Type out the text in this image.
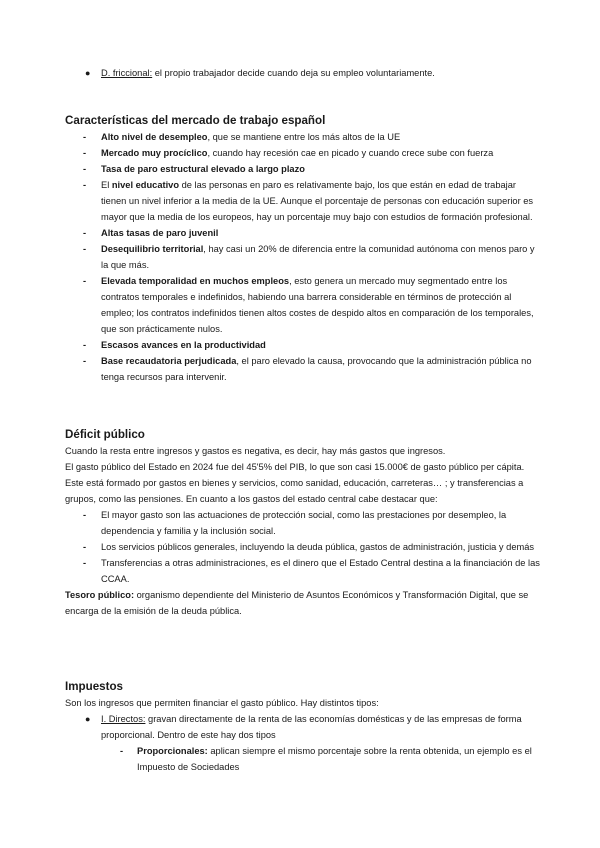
● D. friccional: el propio trabajador decide cuando deja su empleo voluntariamente.
Características del mercado de trabajo español
- Alto nivel de desempleo, que se mantiene entre los más altos de la UE
- Mercado muy procíclico, cuando hay recesión cae en picado y cuando crece sube con fuerza
- Tasa de paro estructural elevado a largo plazo
- El nivel educativo de las personas en paro es relativamente bajo, los que están en edad de trabajar tienen un nivel inferior a la media de la UE. Aunque el porcentaje de personas con educación superior es mayor que la media de los europeos, hay un porcentaje muy bajo con estudios de formación profesional.
- Altas tasas de paro juvenil
- Desequilibrio territorial, hay casi un 20% de diferencia entre la comunidad autónoma con menos paro y la que más.
- Elevada temporalidad en muchos empleos, esto genera un mercado muy segmentado entre los contratos temporales e indefinidos, habiendo una barrera considerable en términos de protección al empleo; los contratos indefinidos tienen altos costes de despido altos en comparación de los temporales, que son prácticamente nulos.
- Escasos avances en la productividad
- Base recaudatoria perjudicada, el paro elevado la causa, provocando que la administración pública no tenga recursos para intervenir.
Déficit público

Cuando la resta entre ingresos y gastos es negativa, es decir, hay más gastos que ingresos.

El gasto público del Estado en 2024 fue del 45'5% del PIB, lo que son casi 15.000€ de gasto público per cápita. Este está formado por gastos en bienes y servicios, como sanidad, educación, carreteras… ; y transferencias a grupos, como las pensiones. En cuanto a los gastos del estado central cabe destacar que:

- El mayor gasto son las actuaciones de protección social, como las prestaciones por desempleo, la dependencia y familia y la inclusión social.
- Los servicios públicos generales, incluyendo la deuda pública, gastos de administración, justicia y demás
- Transferencias a otras administraciones, es el dinero que el Estado Central destina a la financiación de las CCAA.

Tesoro público: organismo dependiente del Ministerio de Asuntos Económicos y Transformación Digital, que se encarga de la emisión de la deuda pública.

Impuestos

Son los ingresos que permiten financiar el gasto público. Hay distintos tipos:

● I. Directos: gravan directamente de la renta de las economías domésticas y de las empresas de forma proporcional. Dentro de este hay dos tipos
- Proporcionales: aplican siempre el mismo porcentaje sobre la renta obtenida, un ejemplo es el Impuesto de Sociedades
